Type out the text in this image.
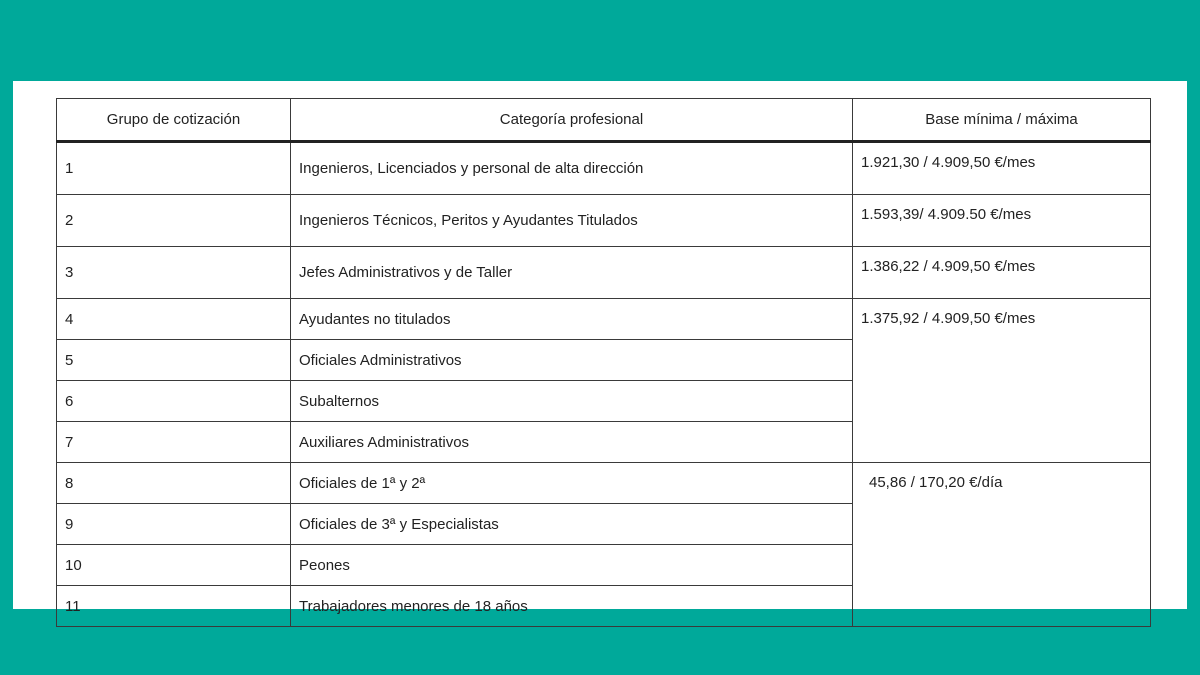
Grupo de cotización	Categoría profesional	Base mínima / máxima
1	Ingenieros, Licenciados y personal de alta dirección	1.921,30 / 4.909,50 €/mes
2	Ingenieros Técnicos, Peritos y Ayudantes Titulados	1.593,39/ 4.909.50 €/mes
3	Jefes Administrativos y de Taller	1.386,22 / 4.909,50 €/mes
4	Ayudantes no titulados	1.375,92 / 4.909,50 €/mes
5	Oficiales Administrativos	
6	Subalternos	
7	Auxiliares Administrativos	
8	Oficiales de 1ª y 2ª	45,86 / 170,20 €/día
9	Oficiales de 3ª y Especialistas	
10	Peones	
11	Trabajadores menores de 18 años	
